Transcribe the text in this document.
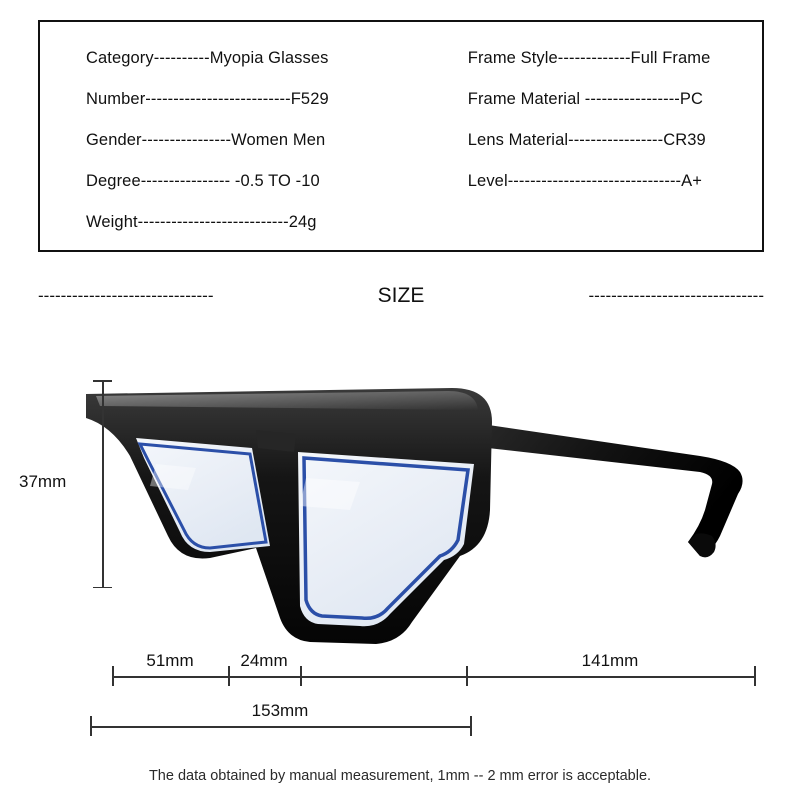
Category----------Myopia Glasses
Number--------------------------F529
Gender----------------Women Men
Degree---------------- -0.5 TO -10
Weight---------------------------24g
Frame Style-------------Full Frame
Frame Material -----------------PC
Lens Material-----------------CR39
Level-------------------------------A+
-------------------------------	SIZE	-------------------------------
37mm
51mm	24mm	141mm
153mm
The data obtained by manual measurement, 1mm -- 2 mm error is acceptable.
